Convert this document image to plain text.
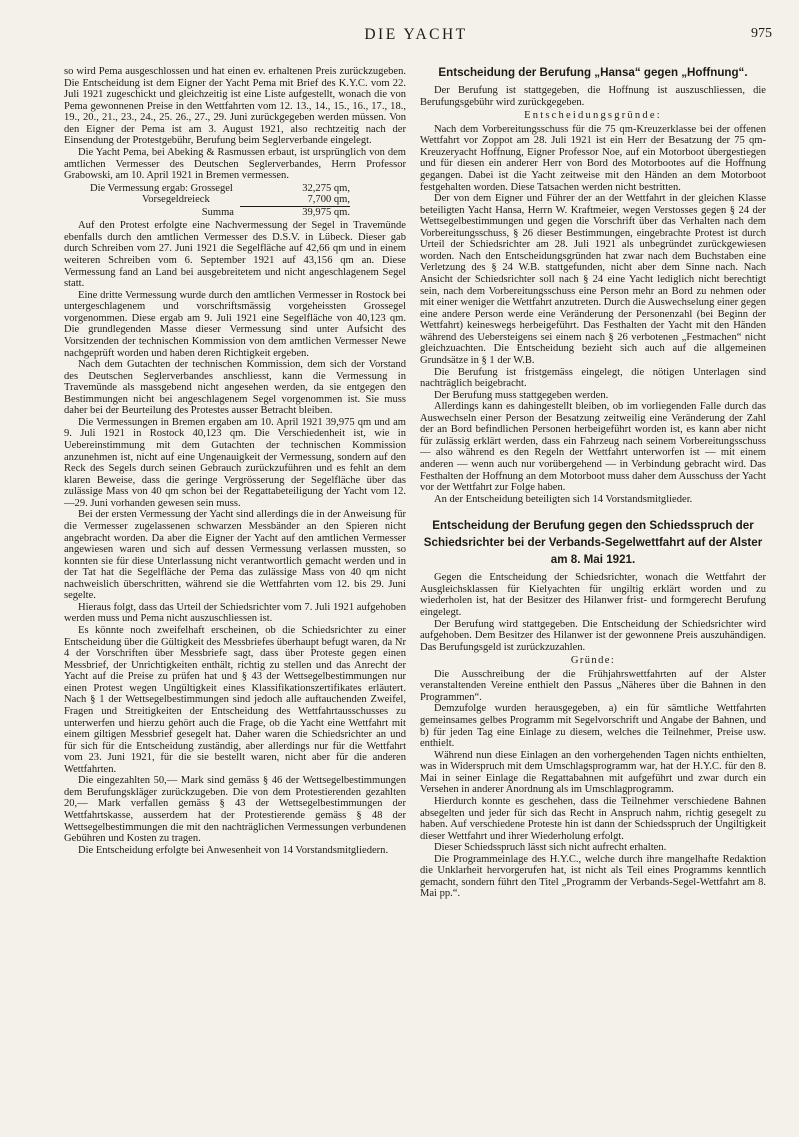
DIE YACHT	975

so wird Pema ausgeschlossen und hat einen ev. erhaltenen Preis zurückzugeben. Die Entscheidung ist dem Eigner der Yacht Pema mit Brief des K.Y.C. vom 22. Juli 1921 zugeschickt und gleichzeitig ist eine Liste aufgestellt, wonach die von Pema gewonnenen Preise in den Wettfahrten vom 12. 13., 14., 15., 16., 17., 18., 19., 20., 21., 23., 24., 25. 26., 27., 29. Juni zurückgegeben werden müssen. Von den Eigner der Pema ist am 3. August 1921, also rechtzeitig nach der Einsendung der Protestgebühr, Berufung beim Seglerverbande eingelegt.

Die Yacht Pema, bei Abeking & Rasmussen erbaut, ist ursprünglich von dem amtlichen Vermesser des Deutschen Seglerverbandes, Herrn Professor Grabowski, am 10. April 1921 in Bremen vermessen.

Die Vermessung ergab: Grossegel	32,275 qm,
Vorsegeldreieck	7,700 qm,
Summa	39,975 qm.

Auf den Protest erfolgte eine Nachvermessung der Segel in Travemünde ebenfalls durch den amtlichen Vermesser des D.S.V. in Lübeck. Dieser gab durch Schreiben vom 27. Juni 1921 die Segelfläche auf 42,66 qm und in einem weiteren Schreiben vom 6. September 1921 auf 43,156 qm an. Diese Vermessung fand an Land bei ausgebreitetem und nicht angeschlagenem Segel statt.

Eine dritte Vermessung wurde durch den amtlichen Vermesser in Rostock bei untergeschlagenem und vorschriftsmässig vorgeheissten Grossegel vorgenommen. Diese ergab am 9. Juli 1921 eine Segelfläche von 40,123 qm. Die grundlegenden Masse dieser Vermessung sind unter Aufsicht des Vorsitzenden der technischen Kommission von dem amtlichen Vermesser Newe nachgeprüft worden und haben deren Richtigkeit ergeben.

Nach dem Gutachten der technischen Kommission, dem sich der Vorstand des Deutschen Seglerverbandes anschliesst, kann die Vermessung in Travemünde als massgebend nicht angesehen werden, da sie entgegen den Bestimmungen nicht bei angeschlagenem Segel vorgenommen ist. Sie muss daher bei der Beurteilung des Protestes ausser Betracht bleiben.

Die Vermessungen in Bremen ergaben am 10. April 1921 39,975 qm und am 9. Juli 1921 in Rostock 40,123 qm. Die Verschiedenheit ist, wie in Uebereinstimmung mit dem Gutachten der technischen Kommission anzunehmen ist, nicht auf eine Ungenauigkeit der Vermessung, sondern auf den Reck des Segels durch seinen Gebrauch zurückzuführen und es fehlt an dem klaren Beweise, dass die geringe Vergrösserung der Segelfläche über das zulässige Mass von 40 qm schon bei der Regattabeteiligung der Yacht vom 12.—29. Juni vorhanden gewesen sein muss.

Bei der ersten Vermessung der Yacht sind allerdings die in der Anweisung für die Vermesser zugelassenen schwarzen Messbänder an den Spieren nicht angebracht worden. Da aber die Eigner der Yacht auf den amtlichen Vermesser angewiesen waren und sich auf dessen Vermessung verlassen mussten, so konnten sie für diese Unterlassung nicht verantwortlich gemacht werden und in der Tat hat die Segelfläche der Pema das zulässige Mass von 40 qm nicht nachweislich überschritten, während sie die Wettfahrten vom 12. bis 29. Juni segelte.

Hieraus folgt, dass das Urteil der Schiedsrichter vom 7. Juli 1921 aufgehoben werden muss und Pema nicht auszuschliessen ist.

Es könnte noch zweifelhaft erscheinen, ob die Schiedsrichter zu einer Entscheidung über die Gültigkeit des Messbriefes überhaupt befugt waren, da Nr 4 der Vorschriften über Messbriefe sagt, dass über Proteste gegen einen Messbrief, der Unrichtigkeiten enthält, richtig zu stellen und das Anrecht der Yacht auf die Preise zu prüfen hat und § 43 der Wettsegelbestimmungen nur einen Protest wegen Ungültigkeit eines Klassifikationszertifikates erläutert. Nach § 1 der Wettsegelbestimmungen sind jedoch alle auftauchenden Zweifel, Fragen und Streitigkeiten der Entscheidung des Wettfahrtausschusses zu unterwerfen und hierzu gehört auch die Frage, ob die Yacht eine Wettfahrt mit einem giltigen Messbrief gesegelt hat. Daher waren die Schiedsrichter an und für sich für die Entscheidung zuständig, aber allerdings nur für die Wettfahrt vom 23. Juni 1921, für die sie bestellt waren, nicht aber für die anderen Wettfahrten.

Die eingezahlten 50,— Mark sind gemäss § 46 der Wettsegelbestimmungen dem Berufungskläger zurückzugeben. Die von dem Protestierenden gezahlten 20,— Mark verfallen gemäss § 43 der Wettsegelbestimmungen der Wettfahrtskasse, ausserdem hat der Protestierende gemäss § 48 der Wettsegelbestimmungen die mit den nachträglichen Vermessungen verbundenen Gebühren und Kosten zu tragen.

Die Entscheidung erfolgte bei Anwesenheit von 14 Vorstandsmitgliedern.

Entscheidung der Berufung „Hansa“ gegen „Hoffnung“.

Der Berufung ist stattgegeben, die Hoffnung ist auszuschliessen, die Berufungsgebühr wird zurückgegeben.

Entscheidungsgründe:

Nach dem Vorbereitungsschuss für die 75 qm-Kreuzerklasse bei der offenen Wettfahrt vor Zoppot am 28. Juli 1921 ist ein Herr der Besatzung der 75 qm-Kreuzeryacht Hoffnung, Eigner Professor Noe, auf ein Motorboot übergestiegen und für diesen ein anderer Herr von Bord des Motorbootes auf die Hoffnung gegangen. Dabei ist die Yacht zeitweise mit den Händen an dem Motorboot festgehalten worden. Diese Tatsachen werden nicht bestritten.

Der von dem Eigner und Führer der an der Wettfahrt in der gleichen Klasse beteiligten Yacht Hansa, Herrn W. Kraftmeier, wegen Verstosses gegen § 24 der Wettsegelbestimmungen und gegen die Vorschrift über das Verhalten nach dem Vorbereitungsschuss, § 26 dieser Bestimmungen, eingebrachte Protest ist durch Urteil der Schiedsrichter am 28. Juli 1921 als unbegründet zurückgewiesen worden. Nach den Entscheidungsgründen hat zwar nach dem Buchstaben eine Verletzung des § 24 W.B. stattgefunden, nicht aber dem Sinne nach. Nach Ansicht der Schiedsrichter soll nach § 24 eine Yacht lediglich nicht berechtigt sein, nach dem Vorbereitungsschuss eine Person mehr an Bord zu nehmen oder mit einer weniger die Wettfahrt anzutreten. Durch die Auswechselung einer gegen eine andere Person werde eine Veränderung der Personenzahl (bei Beginn der Wettfahrt) keineswegs herbeigeführt. Das Festhalten der Yacht mit den Händen während des Uebersteigens sei einem nach § 26 verbotenen „Festmachen“ nicht gleichzuachten. Die Entscheidung bezieht sich auch auf die allgemeinen Grundsätze in § 1 der W.B.

Die Berufung ist fristgemäss eingelegt, die nötigen Unterlagen sind nachträglich beigebracht.

Der Berufung muss stattgegeben werden.

Allerdings kann es dahingestellt bleiben, ob im vorliegenden Falle durch das Auswechseln einer Person der Besatzung zeitweilig eine Veränderung der Zahl der an Bord befindlichen Personen herbeigeführt worden ist, es kann aber nicht für zulässig erklärt werden, dass ein Fahrzeug nach seinem Vorbereitungsschuss — also während es den Regeln der Wettfahrt unterworfen ist — mit einem anderen — wenn auch nur vorübergehend — in Verbindung gebracht wird. Das Festhalten der Hoffnung an dem Motorboot muss daher dem Ausschuss der Yacht vor der Wettfahrt zur Folge haben.

An der Entscheidung beteiligten sich 14 Vorstandsmitglieder.

Entscheidung der Berufung gegen den Schiedsspruch der Schiedsrichter bei der Verbands-Segelwettfahrt auf der Alster am 8. Mai 1921.

Gegen die Entscheidung der Schiedsrichter, wonach die Wettfahrt der Ausgleichsklassen für Kielyachten für ungiltig erklärt worden und zu wiederholen ist, hat der Besitzer des Hilanwer frist- und formgerecht Berufung eingelegt.

Der Berufung wird stattgegeben. Die Entscheidung der Schiedsrichter wird aufgehoben. Dem Besitzer des Hilanwer ist der gewonnene Preis auszuhändigen. Das Berufungsgeld ist zurückzuzahlen.

Gründe:

Die Ausschreibung der die Frühjahrswettfahrten auf der Alster veranstaltenden Vereine enthielt den Passus „Näheres über die Bahnen in den Programmen“.

Demzufolge wurden herausgegeben, a) ein für sämtliche Wettfahrten gemeinsames gelbes Programm mit Segelvorschrift und Angabe der Bahnen, und b) für jeden Tag eine Einlage zu diesem, welches die Teilnehmer, Preise usw. enthielt.

Während nun diese Einlagen an den vorhergehenden Tagen nichts enthielten, was in Widerspruch mit dem Umschlagsprogramm war, hat der H.Y.C. für den 8. Mai in seiner Einlage die Regattabahnen mit aufgeführt und zwar durch ein Versehen in anderer Anordnung als im Umschlagprogramm.

Hierdurch konnte es geschehen, dass die Teilnehmer verschiedene Bahnen absegelten und jeder für sich das Recht in Anspruch nahm, richtig gesegelt zu haben. Auf verschiedene Proteste hin ist dann der Schiedsspruch der Ungiltigkeit dieser Wettfahrt und ihrer Wiederholung erfolgt.

Dieser Schiedsspruch lässt sich nicht aufrecht erhalten.

Die Programmeinlage des H.Y.C., welche durch ihre mangelhafte Redaktion die Unklarheit hervorgerufen hat, ist nicht als Teil eines Programms kenntlich gemacht, sondern führt den Titel „Programm der Verbands-Segel-Wettfahrt am 8. Mai pp.“.
